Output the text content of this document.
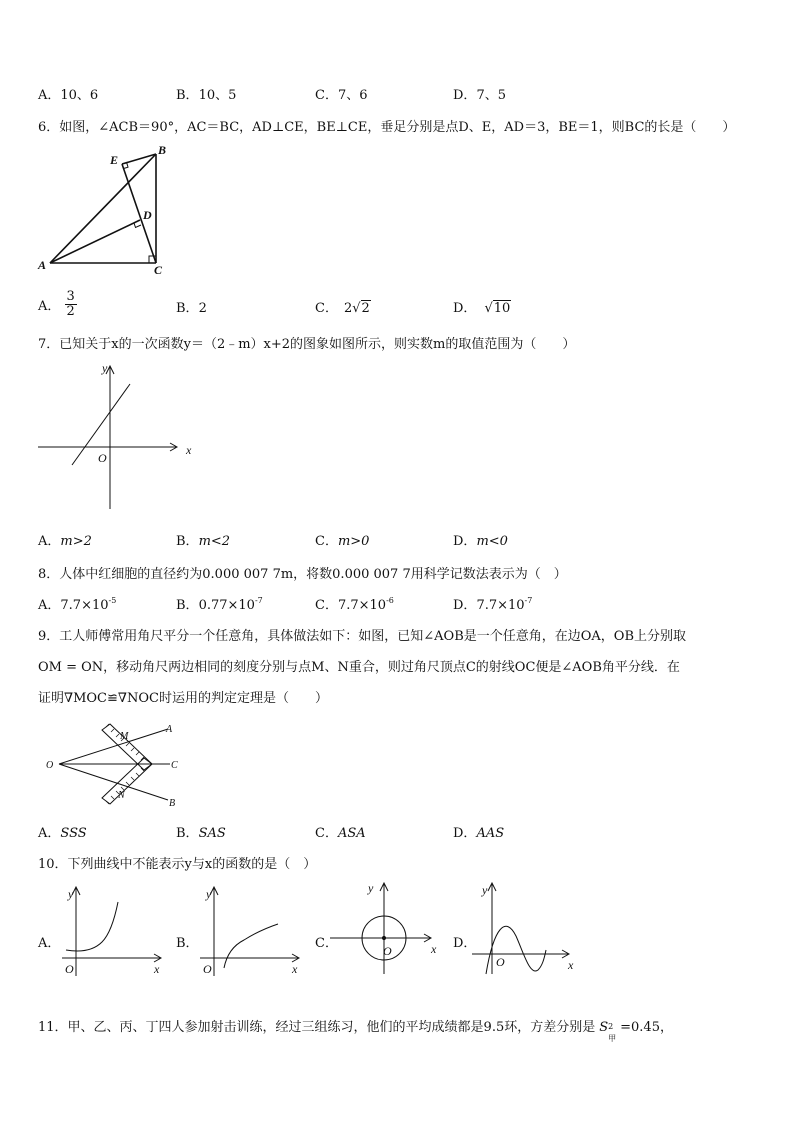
A．10、6	B．10、5	C．7、6	D．7、5
6．如图，∠ACB＝90°，AC＝BC，AD⊥CE，BE⊥CE，垂足分别是点D、E，AD＝3，BE＝1，则BC的长是（　　）
E
B
D
A	C
A． $\frac{3}{2}$	B．2	C． 2√2	D． √10
7．已知关于x的一次函数y＝（2﹣m）x+2的图象如图所示，则实数m的取值范围为（　　）
y
x
O
A．m>2	B．m<2	C．m>0	D．m<0
8．人体中红细胞的直径约为0.000 007 7m，将数0.000 007 7用科学记数法表示为（　）
A．$7.7\times 10^{-5}$	B．$0.77\times 10^{-7}$	C．$7.7\times 10^{-6}$	D．$7.7\times 10^{-7}$
9．工人师傅常用角尺平分一个任意角，具体做法如下：如图，已知∠AOB是一个任意角，在边OA，OB上分别取
OM = ON，移动角尺两边相同的刻度分别与点M、N重合，则过角尺顶点C的射线OC便是∠AOB角平分线．在
证明∇MOC≌∇NOC时运用的判定定理是（　　）
O
M
N
A
B
C
A．SSS	B．SAS	C．ASA	D．AAS
10．下列曲线中不能表示y与x的函数的是（　）
A．
y
x
O
B．
y
x
O
C．
y
x
O	D．
y
x
O
11．甲、乙、丙、丁四人参加射击训练，经过三组练习，他们的平均成绩都是9.5环，方差分别是 S 2
甲
=0.45，
